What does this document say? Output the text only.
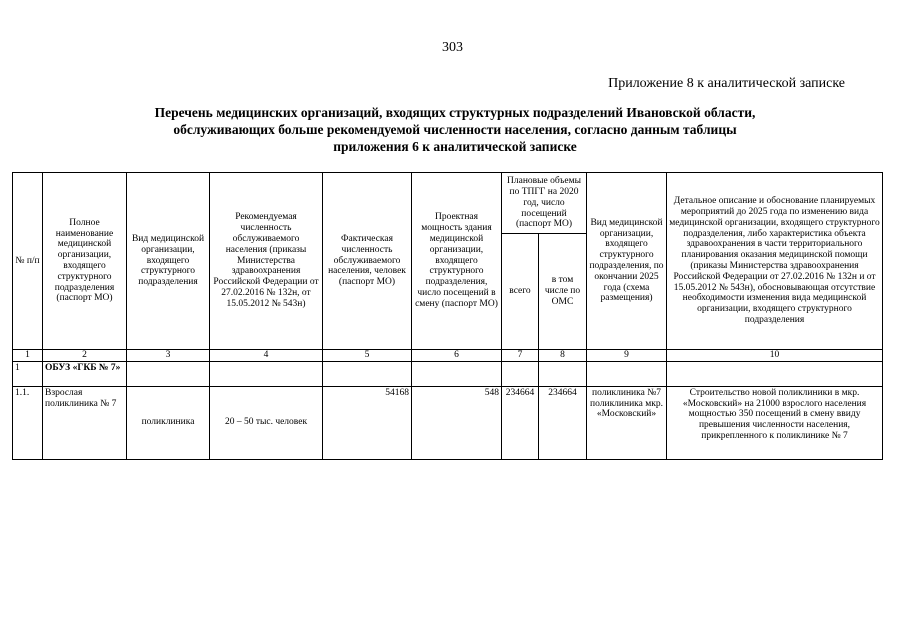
303
Приложение 8 к аналитической записке
Перечень медицинских организаций, входящих структурных подразделений Ивановской области,
обслуживающих больше рекомендуемой численности населения, согласно данным таблицы
приложения 6 к аналитической записке
№ п/п	Полное наименование медицинской организации, входящего структурного подразделения (паспорт МО)	Вид медицинской организации, входящего структурного подразделения	Рекомендуемая численность обслуживаемого населения (приказы Министерства здравоохранения Российской Федерации от 27.02.2016 № 132н, от 15.05.2012 № 543н)	Фактическая численность обслуживаемого населения, человек (паспорт МО)	Проектная мощность здания медицинской организации, входящего структурного подразделения, число посещений в смену (паспорт МО)	Плановые объемы по ТПГГ на 2020 год, число посещений (паспорт МО)		Вид медицинской организации, входящего структурного подразделения, по окончании 2025 года (схема размещения)	Детальное описание и обоснование планируемых мероприятий до 2025 года по изменению вида медицинской организации, входящего структурного подразделения, либо характеристика объекта здравоохранения в части территориального планирования оказания медицинской помощи (приказы Министерства здравоохранения Российской Федерации от 27.02.2016 № 132н и от 15.05.2012 № 543н), обосновывающая отсутствие необходимости изменения вида медицинской организации, входящего структурного подразделения
						всего	в том числе по ОМС		
1	2	3	4	5	6	7	8	9	10
1	ОБУЗ «ГКБ № 7»								
1.1.	Взрослая поликлиника № 7	поликлиника	20 – 50 тыс. человек	54168	548	234664	234664	поликлиника №7 поликлиника мкр. «Московский»	Строительство новой поликлиники в мкр. «Московский» на 21000 взрослого населения мощностью 350 посещений в смену ввиду превышения численности населения, прикрепленного к поликлинике № 7
